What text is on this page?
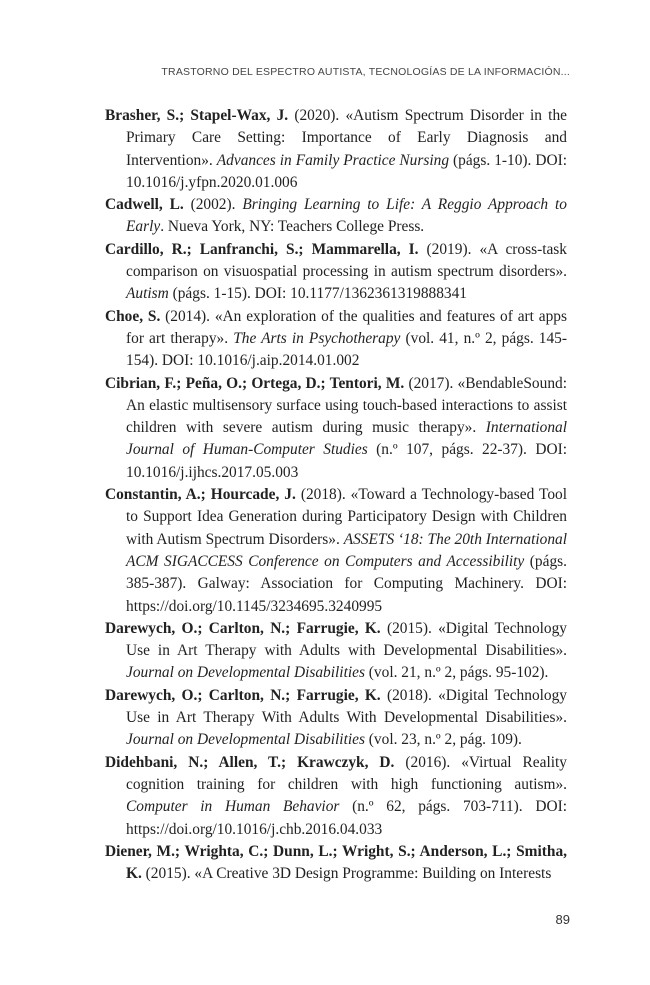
TRASTORNO DEL ESPECTRO AUTISTA, TECNOLOGÍAS DE LA INFORMACIÓN...

Brasher, S.; Stapel-Wax, J. (2020). «Autism Spectrum Disorder in the Primary Care Setting: Importance of Early Diagnosis and Intervention». Advances in Family Practice Nursing (págs. 1-10). DOI: 10.1016/j.yfpn.2020.01.006

Cadwell, L. (2002). Bringing Learning to Life: A Reggio Approach to Early. Nueva York, NY: Teachers College Press.

Cardillo, R.; Lanfranchi, S.; Mammarella, I. (2019). «A cross-task comparison on visuospatial processing in autism spectrum disorders». Autism (págs. 1-15). DOI: 10.1177/1362361319888341

Choe, S. (2014). «An exploration of the qualities and features of art apps for art therapy». The Arts in Psychotherapy (vol. 41, n.º 2, págs. 145-154). DOI: 10.1016/j.aip.2014.01.002

Cibrian, F.; Peña, O.; Ortega, D.; Tentori, M. (2017). «BendableSound: An elastic multisensory surface using touch-based interactions to assist children with severe autism during music therapy». International Journal of Human-Computer Studies (n.º 107, págs. 22-37). DOI: 10.1016/j.ijhcs.2017.05.003

Constantin, A.; Hourcade, J. (2018). «Toward a Technology-based Tool to Support Idea Generation during Participatory Design with Children with Autism Spectrum Disorders». ASSETS ‘18: The 20th International ACM SIGACCESS Conference on Computers and Accessibility (págs. 385-387). Galway: Association for Computing Machinery. DOI: https://doi.org/10.1145/3234695.3240995

Darewych, O.; Carlton, N.; Farrugie, K. (2015). «Digital Technology Use in Art Therapy with Adults with Developmental Disabilities». Journal on Developmental Disabilities (vol. 21, n.º 2, págs. 95-102).

Darewych, O.; Carlton, N.; Farrugie, K. (2018). «Digital Technology Use in Art Therapy With Adults With Developmental Disabilities». Journal on Developmental Disabilities (vol. 23, n.º 2, pág. 109).

Didehbani, N.; Allen, T.; Krawczyk, D. (2016). «Virtual Reality cognition training for children with high functioning autism». Computer in Human Behavior (n.º 62, págs. 703-711). DOI: https://doi.org/10.1016/j.chb.2016.04.033

Diener, M.; Wrighta, C.; Dunn, L.; Wright, S.; Anderson, L.; Smitha, K. (2015). «A Creative 3D Design Programme: Building on Interests

89
